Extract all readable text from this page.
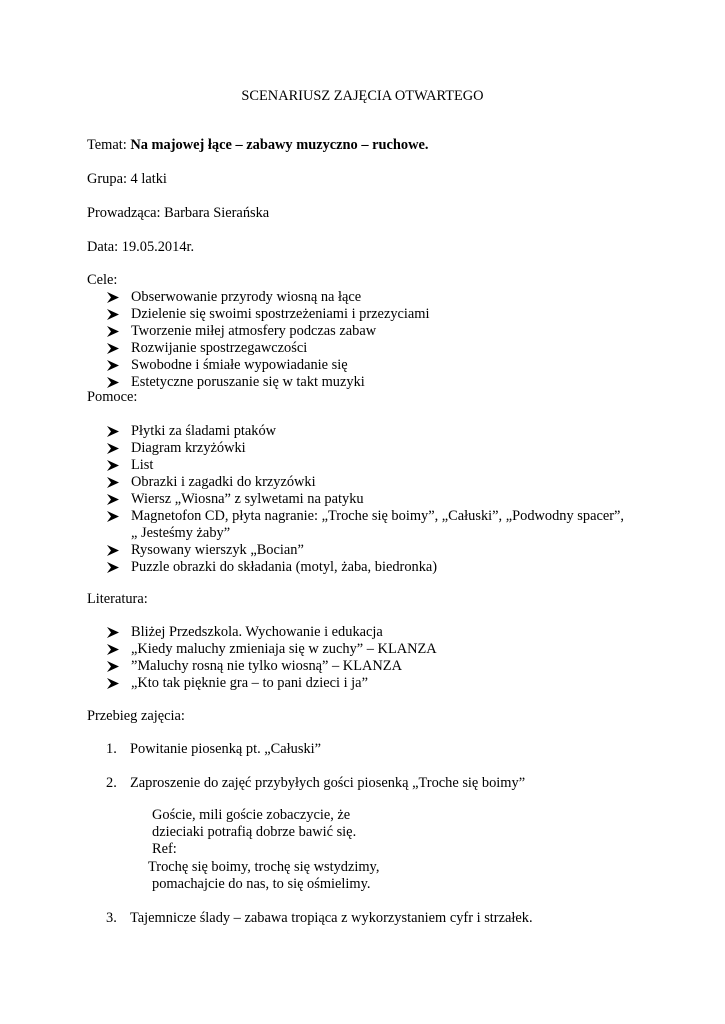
SCENARIUSZ ZAJĘCIA OTWARTEGO
Temat: Na majowej łące – zabawy muzyczno – ruchowe.
Grupa: 4 latki
Prowadząca: Barbara Sierańska
Data: 19.05.2014r.
Cele:
Obserwowanie przyrody wiosną na łące
Dzielenie się swoimi spostrzeżeniami i przezyciami
Tworzenie miłej atmosfery podczas zabaw
Rozwijanie spostrzegawczości
Swobodne i śmiałe wypowiadanie się
Estetyczne poruszanie się w takt muzyki
Pomoce:
Płytki za śladami ptaków
Diagram krzyżówki
List
Obrazki i zagadki do krzyzówki
Wiersz „Wiosna” z sylwetami na patyku
Magnetofon CD, płyta nagranie: „Troche się boimy”, „Całuski”, „Podwodny spacer”, „ Jesteśmy żaby”
Rysowany wierszyk „Bocian”
Puzzle obrazki do składania (motyl, żaba, biedronka)
Literatura:
Bliżej Przedszkola. Wychowanie i edukacja
„Kiedy maluchy zmieniaja się w zuchy” – KLANZA
”Maluchy rosną nie tylko wiosną” – KLANZA
„Kto tak pięknie gra – to pani dzieci i ja”
Przebieg zajęcia:
1. Powitanie piosenką pt. „Całuski”
2. Zaproszenie do zajęć przybyłych gości piosenką „Troche się boimy”
Goście, mili goście zobaczycie, że
dzieciaki potrafią dobrze bawić się.
Ref:
Trochę się boimy, trochę się wstydzimy,
pomachajcie do nas, to się ośmielimy.
3. Tajemnicze ślady – zabawa tropiąca z wykorzystaniem cyfr i strzałek.
